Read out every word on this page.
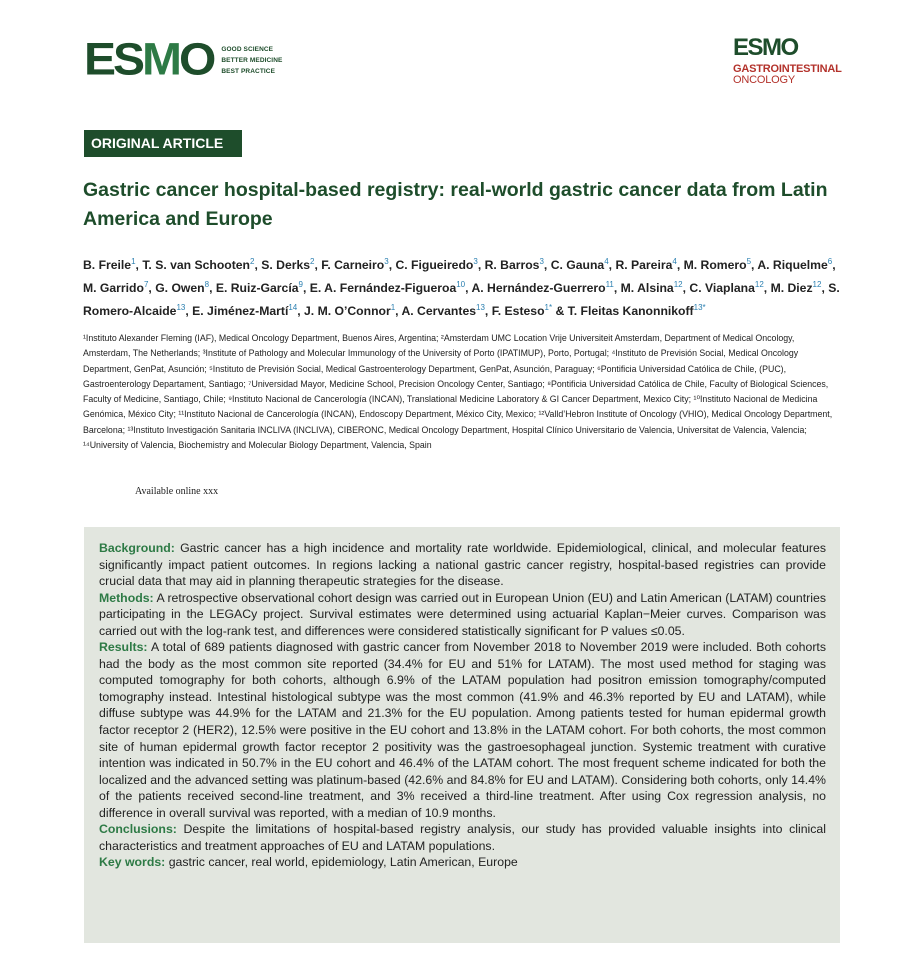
ESMO GOOD SCIENCE
BETTER MEDICINE
BEST PRACTICE
ESMO
GASTROINTESTINAL
ONCOLOGY
ORIGINAL ARTICLE
Gastric cancer hospital-based registry: real-world gastric cancer data from Latin America and Europe
B. Freile$^1$, T. S. van Schooten$^2$, S. Derks$^2$, F. Carneiro$^3$, C. Figueiredo$^3$, R. Barros$^3$, C. Gauna$^4$, R. Pareira$^4$, M. Romero$^5$, A. Riquelme$^6$, M. Garrido$^7$, G. Owen$^8$, E. Ruiz-García$^9$, E. A. Fernández-Figueroa$^{10}$, A. Hernández-Guerrero$^{11}$, M. Alsina$^{12}$, C. Viaplana$^{12}$, M. Diez$^{12}$, S. Romero-Alcaide$^{13}$, E. Jiménez-Martí$^{14}$, J. M. O’Connor$^1$, A. Cervantes$^{13}$, F. Esteso$^{1*}$ & T. Fleitas Kanonnikoff$^{13*}$
¹Instituto Alexander Fleming (IAF), Medical Oncology Department, Buenos Aires, Argentina; ²Amsterdam UMC Location Vrije Universiteit Amsterdam, Department of Medical Oncology, Amsterdam, The Netherlands; ³Institute of Pathology and Molecular Immunology of the University of Porto (IPATIMUP), Porto, Portugal; ⁴Instituto de Previsión Social, Medical Oncology Department, GenPat, Asunción; ⁵Instituto de Previsión Social, Medical Gastroenterology Department, GenPat, Asunción, Paraguay; ⁶Pontificia Universidad Católica de Chile, (PUC), Gastroenterology Departament, Santiago; ⁷Universidad Mayor, Medicine School, Precision Oncology Center, Santiago; ⁸Pontificia Universidad Católica de Chile, Faculty of Biological Sciences, Faculty of Medicine, Santiago, Chile; ⁹Instituto Nacional de Cancerología (INCAN), Translational Medicine Laboratory & GI Cancer Department, Mexico City; ¹⁰Instituto Nacional de Medicina Genómica, México City; ¹¹Instituto Nacional de Cancerología (INCAN), Endoscopy Department, México City, Mexico; ¹²Valld’Hebron Institute of Oncology (VHIO), Medical Oncology Department, Barcelona; ¹³Instituto Investigación Sanitaria INCLIVA (INCLIVA), CIBERONC, Medical Oncology Department, Hospital Clínico Universitario de Valencia, Universitat de Valencia, Valencia; ¹⁴University of Valencia, Biochemistry and Molecular Biology Department, Valencia, Spain
Available online xxx

Background: Gastric cancer has a high incidence and mortality rate worldwide. Epidemiological, clinical, and molecular features significantly impact patient outcomes. In regions lacking a national gastric cancer registry, hospital-based registries can provide crucial data that may aid in planning therapeutic strategies for the disease.

Methods: A retrospective observational cohort design was carried out in European Union (EU) and Latin American (LATAM) countries participating in the LEGACy project. Survival estimates were determined using actuarial Kaplan−Meier curves. Comparison was carried out with the log-rank test, and differences were considered statistically significant for P values ≤0.05.

Results: A total of 689 patients diagnosed with gastric cancer from November 2018 to November 2019 were included. Both cohorts had the body as the most common site reported (34.4% for EU and 51% for LATAM). The most used method for staging was computed tomography for both cohorts, although 6.9% of the LATAM population had positron emission tomography/computed tomography instead. Intestinal histological subtype was the most common (41.9% and 46.3% reported by EU and LATAM), while diffuse subtype was 44.9% for the LATAM and 21.3% for the EU population. Among patients tested for human epidermal growth factor receptor 2 (HER2), 12.5% were positive in the EU cohort and 13.8% in the LATAM cohort. For both cohorts, the most common site of human epidermal growth factor receptor 2 positivity was the gastroesophageal junction. Systemic treatment with curative intention was indicated in 50.7% in the EU cohort and 46.4% of the LATAM cohort. The most frequent scheme indicated for both the localized and the advanced setting was platinum-based (42.6% and 84.8% for EU and LATAM). Considering both cohorts, only 14.4% of the patients received second-line treatment, and 3% received a third-line treatment. After using Cox regression analysis, no difference in overall survival was reported, with a median of 10.9 months.

Conclusions: Despite the limitations of hospital-based registry analysis, our study has provided valuable insights into clinical characteristics and treatment approaches of EU and LATAM populations.

Key words: gastric cancer, real world, epidemiology, Latin American, Europe
